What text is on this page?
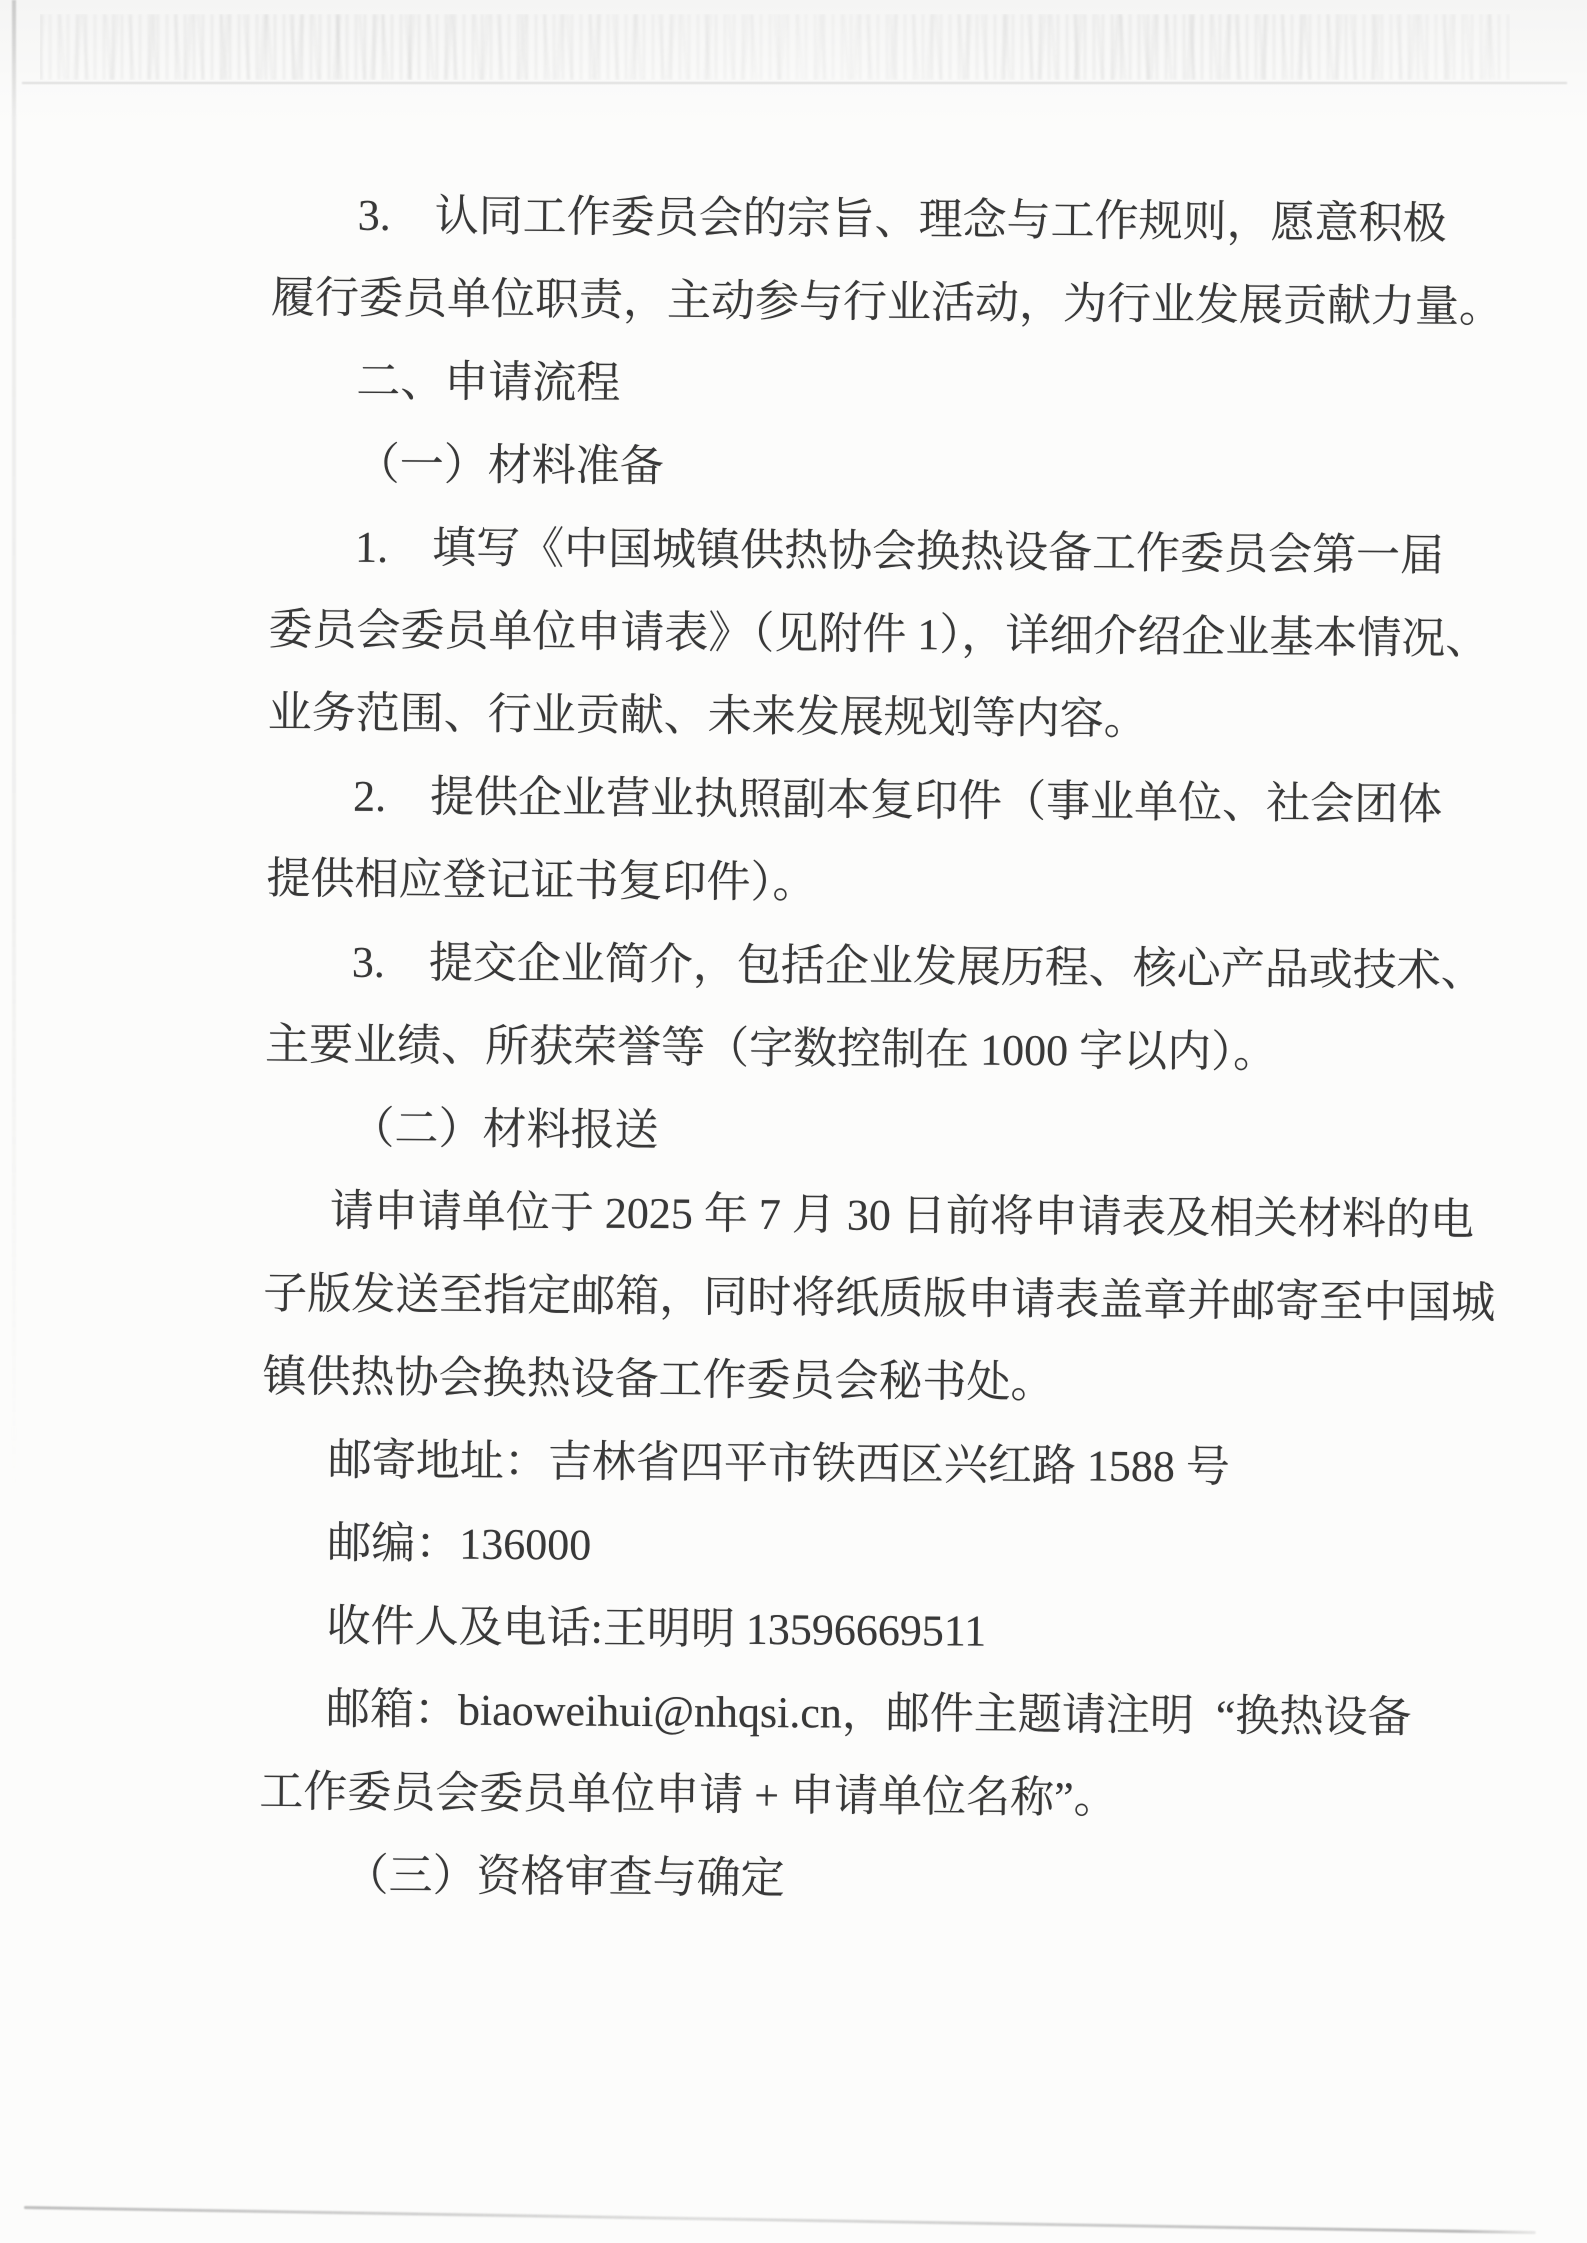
3.    认同工作委员会的宗旨、理念与工作规则，愿意积极
履行委员单位职责，主动参与行业活动，为行业发展贡献力量。
二、申请流程
（一）材料准备
1.    填写《中国城镇供热协会换热设备工作委员会第一届
委员会委员单位申请表》（见附件 1），详细介绍企业基本情况、
业务范围、行业贡献、未来发展规划等内容。
2.    提供企业营业执照副本复印件（事业单位、社会团体
提供相应登记证书复印件）。
3.    提交企业简介，包括企业发展历程、核心产品或技术、
主要业绩、所获荣誉等（字数控制在 1000 字以内）。
（二）材料报送
请申请单位于 2025 年 7 月 30 日前将申请表及相关材料的电
子版发送至指定邮箱，同时将纸质版申请表盖章并邮寄至中国城
镇供热协会换热设备工作委员会秘书处。
邮寄地址：吉林省四平市铁西区兴红路 1588 号
邮编：136000
收件人及电话:王明明 13596669511
邮箱：biaoweihui@nhqsi.cn，邮件主题请注明  “换热设备
工作委员会委员单位申请 + 申请单位名称”。
（三）资格审查与确定
